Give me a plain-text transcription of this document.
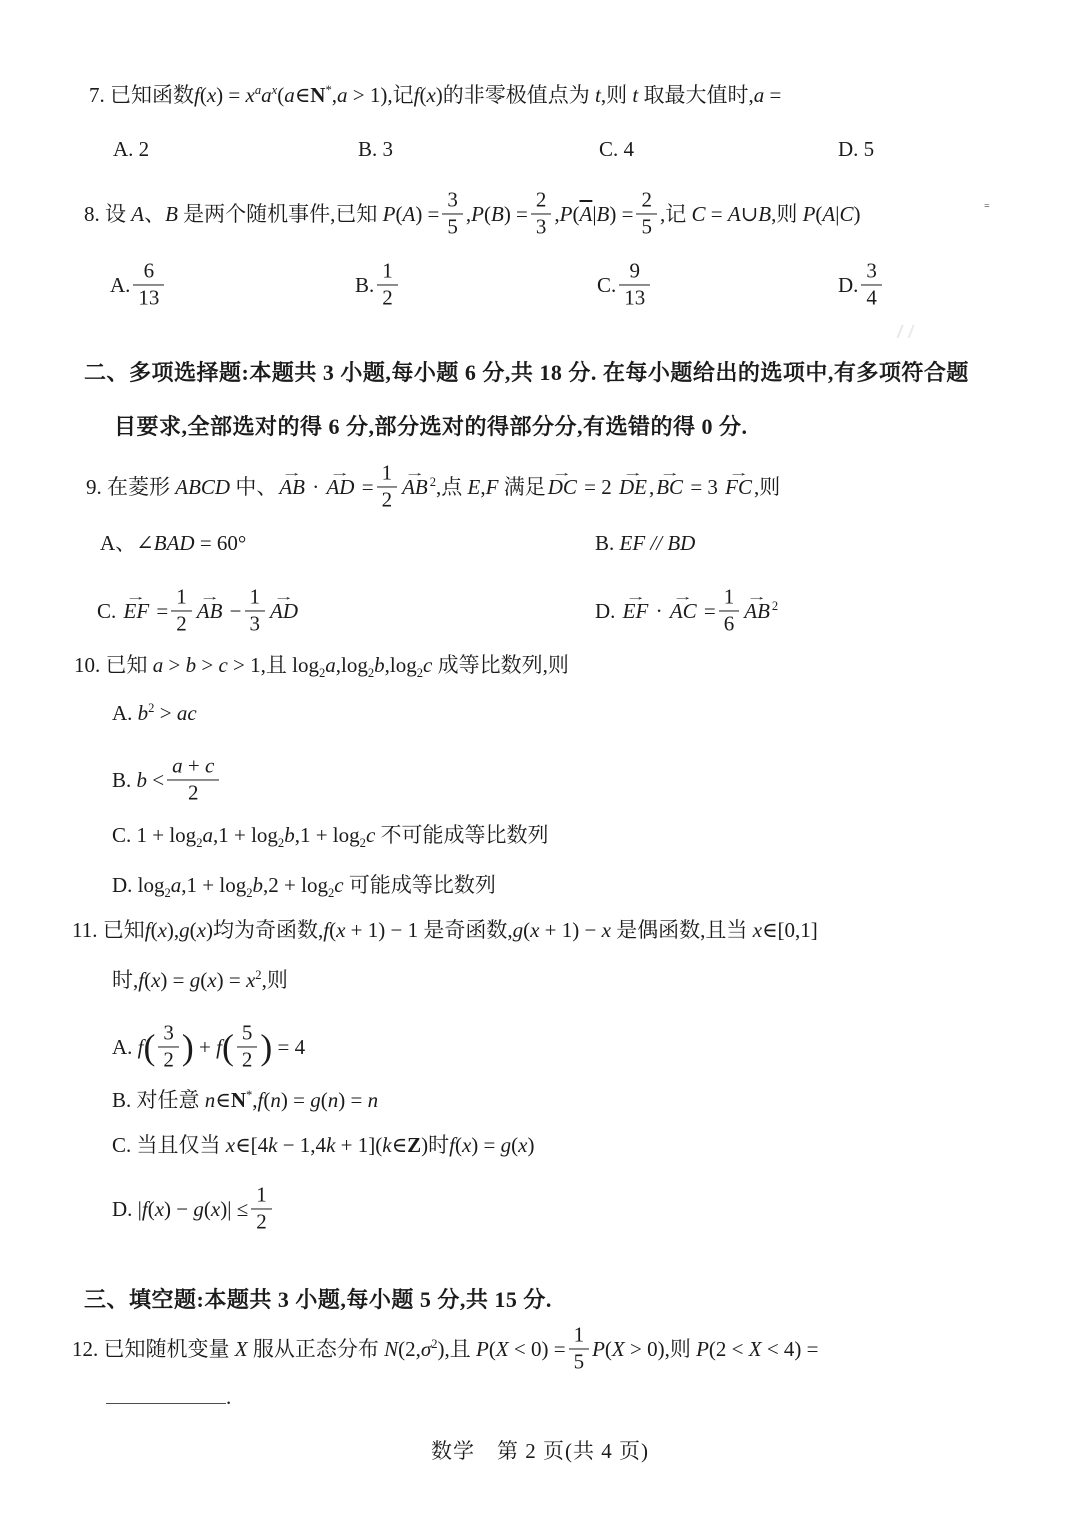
7. 已知函数$f(x) = x^aa^x(a\in N^*,a > 1)$,记f(x)的非零极值点为 t,则 t 取最大值时,a =
A. 2	B. 3	C. 4	D. 5
8. 设 A、B 是两个随机事件,已知 $P(A) = \frac{3}{5} ,P(B) = \frac{2}{3} ,P(\overline{A}|B) = \frac{2}{5}$ ,记 C = A∪B,则 P(A|C)	=
A. $\frac{6}{13}$	B. $\frac{1}{2}$	C. $\frac{9}{13}$	D. $\frac{3}{4}$
二、多项选择题:本题共 3 小题,每小题 6 分,共 18 分. 在每小题给出的选项中,有多项符合题
目要求,全部选对的得 6 分,部分选对的得部分分,有选错的得 0 分.
9. 在菱形 ABCD 中、→ AB · → AD = $\frac{1}{2}$ → AB $^2$,点 E,F 满足→ DC = 2 → DE,→ BC = 3 → FC,则
A、∠BAD = 60°	B. EF // BD
C. → EF = $\frac{1}{2}$ → AB − $\frac{1}{3}$ → AD	D. → EF · → AC = $\frac{1}{6}$ → AB $^2$
10. 已知 a > b > c > 1,且 $\log_2a,\log_2b,\log_2c$ 成等比数列,则
A. $b^2$ > ac
B. $b < \frac{a + c}{2}$
C. $1 + \log_2a,1 + \log_2b,1 + \log_2c$ 不可能成等比数列
D. $\log_2a,1 + \log_2b,2 + \log_2c$ 可能成等比数列
11. 已知f(x),g(x)均为奇函数,f(x + 1) − 1 是奇函数,g(x + 1) − x 是偶函数,且当 x∈[0,1]
时$,f(x) = g(x) = x^2$,则
A. $f( \frac{3}{2}$ ) + $f( \frac{5}{2}$ ) = 4
B. 对任意 n∈N*,f(n) = g(n) = n
C. 当且仅当 x∈[4k − 1,4k + 1](k∈Z)时f(x) = g(x)
D. $|f(x) - g(x)| \le \frac{1}{2}$
三、填空题:本题共 3 小题,每小题 5 分,共 15 分.
12. 已知随机变量 X 服从正态分布 $N(2,\sigma^2)$,且 $P(X < 0) = \frac{1}{5} P(X > 0)$,则 P(2 < X < 4) =
.
数学　第 2 页(共 4 页)
